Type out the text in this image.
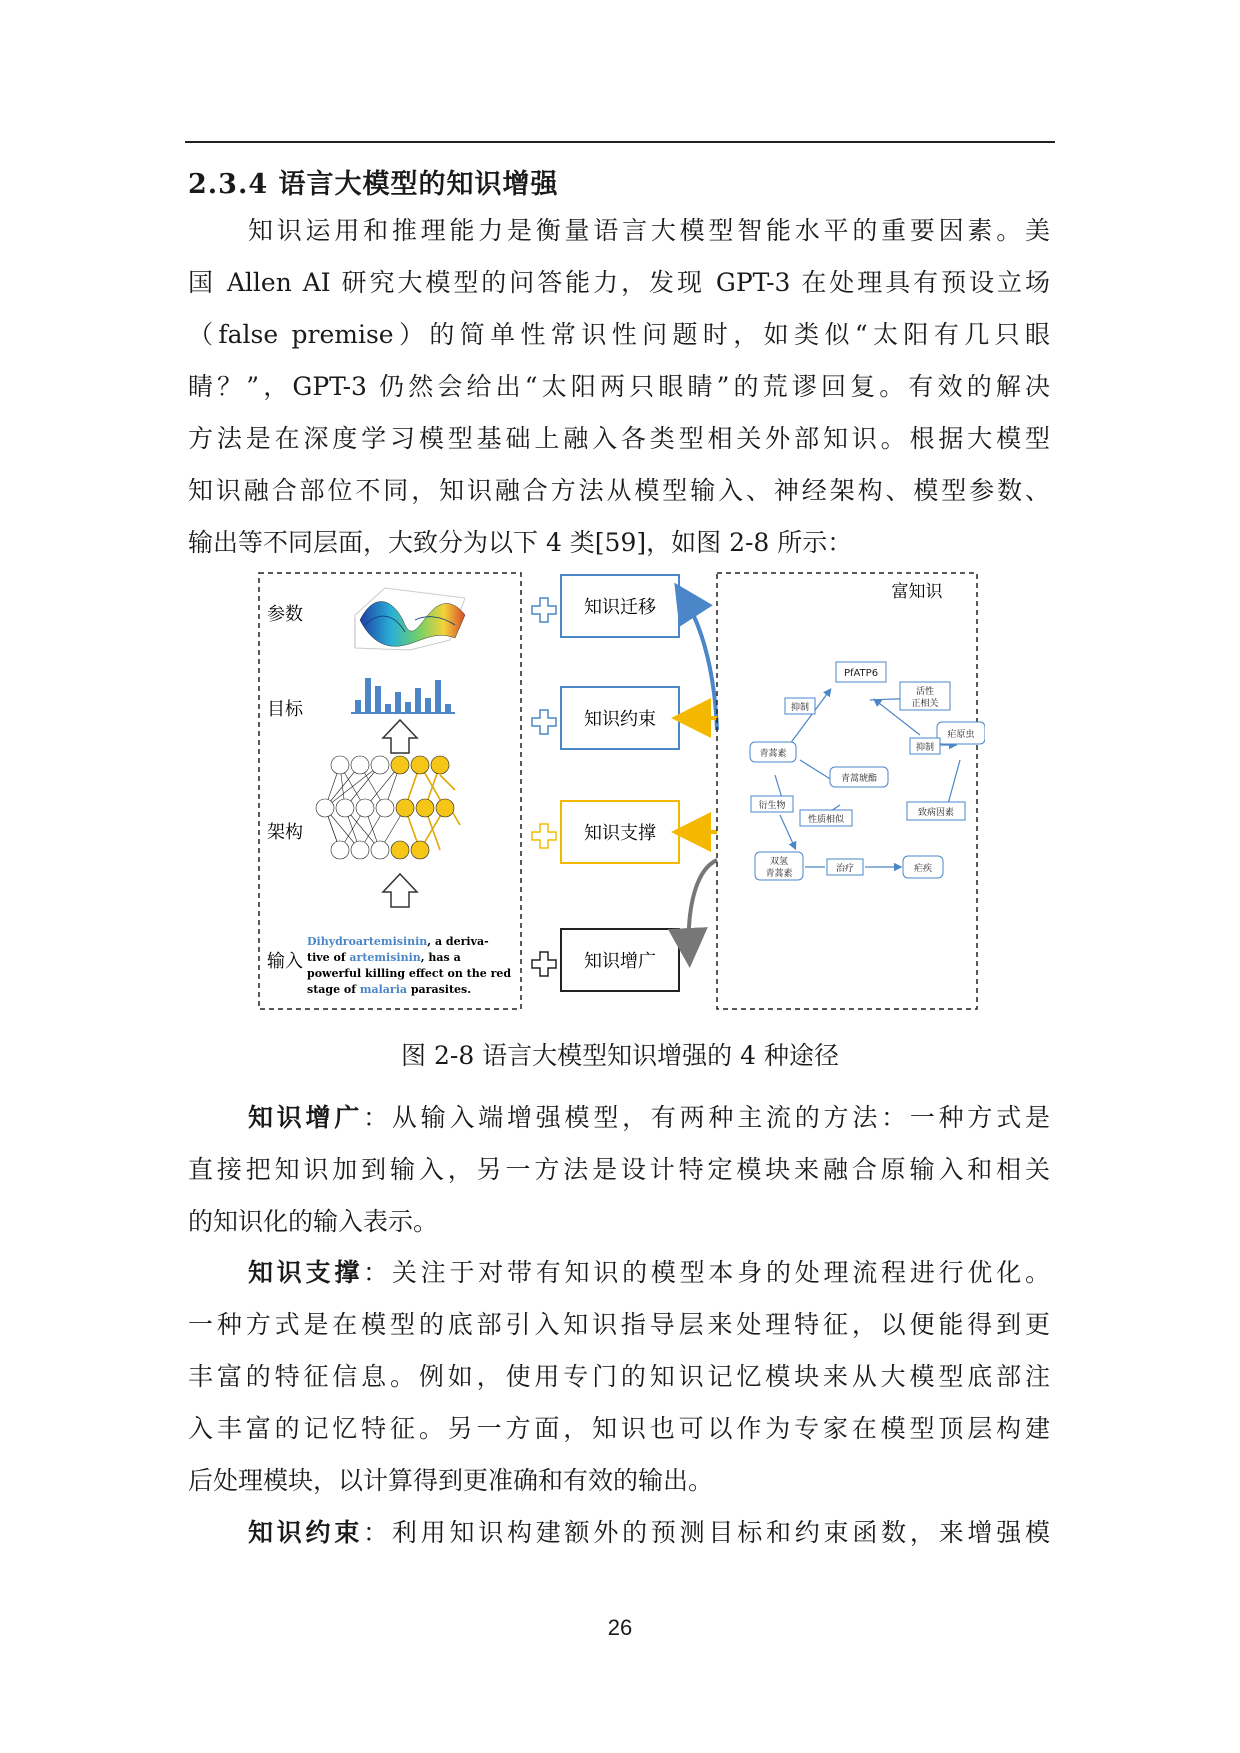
2.3.4 语言大模型的知识增强
知识运用和推理能力是衡量语言大模型智能水平的重要因素。美
国 Allen AI 研究大模型的问答能力，发现 GPT-3 在处理具有预设立场
（false premise）的简单性常识性问题时，如类似“太阳有几只眼
睛？”，GPT-3 仍然会给出“太阳两只眼睛”的荒谬回复。有效的解决
方法是在深度学习模型基础上融入各类型相关外部知识。根据大模型
知识融合部位不同，知识融合方法从模型输入、神经架构、模型参数、
输出等不同层面，大致分为以下 4 类[59]，如图 2-8 所示：
参数
目标
架构
输入
Dihydroartemisinin, a deriva- tive of artemisinin, has a powerful killing effect on the red stage of malaria parasites.
知识迁移
知识约束
知识支撑
知识增广
富知识
PfATP6
抑制
活性
正相关
青蒿素
疟原虫
抑制
青蒿琥酯
衍生物
性质相似
致病因素
双氢
青蒿素	治疗	疟疾
图 2-8 语言大模型知识增强的 4 种途径
知识增广：从输入端增强模型，有两种主流的方法：一种方式是
直接把知识加到输入，另一方法是设计特定模块来融合原输入和相关
的知识化的输入表示。
知识支撑：关注于对带有知识的模型本身的处理流程进行优化。
一种方式是在模型的底部引入知识指导层来处理特征，以便能得到更
丰富的特征信息。例如，使用专门的知识记忆模块来从大模型底部注
入丰富的记忆特征。另一方面，知识也可以作为专家在模型顶层构建
后处理模块，以计算得到更准确和有效的输出。
知识约束：利用知识构建额外的预测目标和约束函数，来增强模
26
